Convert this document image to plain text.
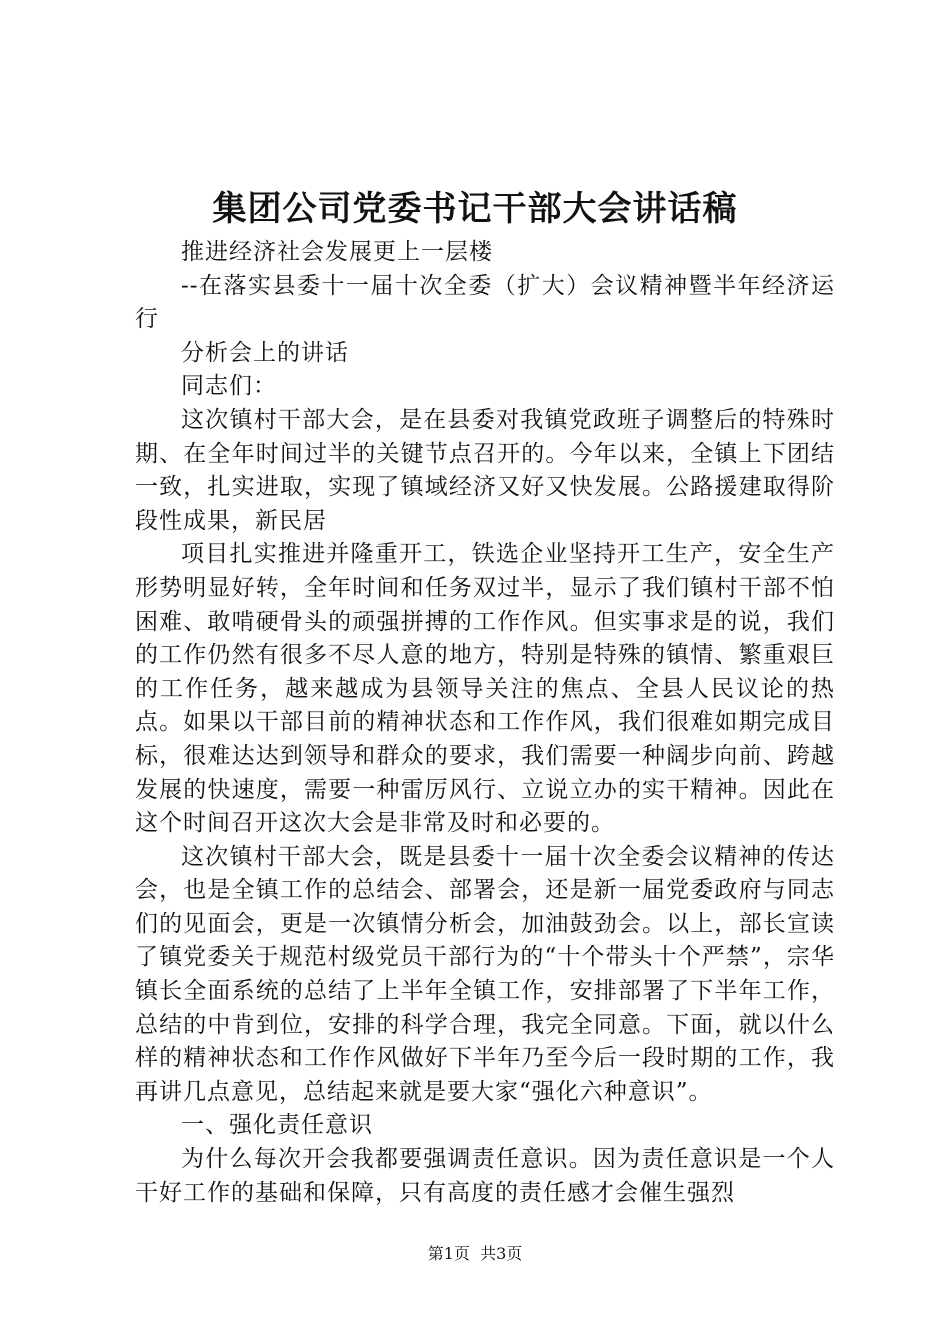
集团公司党委书记干部大会讲话稿

推进经济社会发展更上一层楼

--在落实县委十一届十次全委（扩大）会议精神暨半年经济运行

分析会上的讲话

同志们：

这次镇村干部大会，是在县委对我镇党政班子调整后的特殊时期、在全年时间过半的关键节点召开的。今年以来，全镇上下团结一致，扎实进取，实现了镇域经济又好又快发展。公路援建取得阶段性成果，新民居

项目扎实推进并隆重开工，铁选企业坚持开工生产，安全生产形势明显好转，全年时间和任务双过半，显示了我们镇村干部不怕困难、敢啃硬骨头的顽强拼搏的工作作风。但实事求是的说，我们的工作仍然有很多不尽人意的地方，特别是特殊的镇情、繁重艰巨的工作任务，越来越成为县领导关注的焦点、全县人民议论的热点。如果以干部目前的精神状态和工作作风，我们很难如期完成目标，很难达达到领导和群众的要求，我们需要一种阔步向前、跨越发展的快速度，需要一种雷厉风行、立说立办的实干精神。因此在这个时间召开这次大会是非常及时和必要的。

这次镇村干部大会，既是县委十一届十次全委会议精神的传达会，也是全镇工作的总结会、部署会，还是新一届党委政府与同志们的见面会，更是一次镇情分析会，加油鼓劲会。以上，部长宣读了镇党委关于规范村级党员干部行为的“十个带头十个严禁”，宗华镇长全面系统的总结了上半年全镇工作，安排部署了下半年工作，总结的中肯到位，安排的科学合理，我完全同意。下面，就以什么样的精神状态和工作作风做好下半年乃至今后一段时期的工作，我再讲几点意见，总结起来就是要大家“强化六种意识”。

一、强化责任意识

为什么每次开会我都要强调责任意识。因为责任意识是一个人干好工作的基础和保障，只有高度的责任感才会催生强烈

第1页 共3页
